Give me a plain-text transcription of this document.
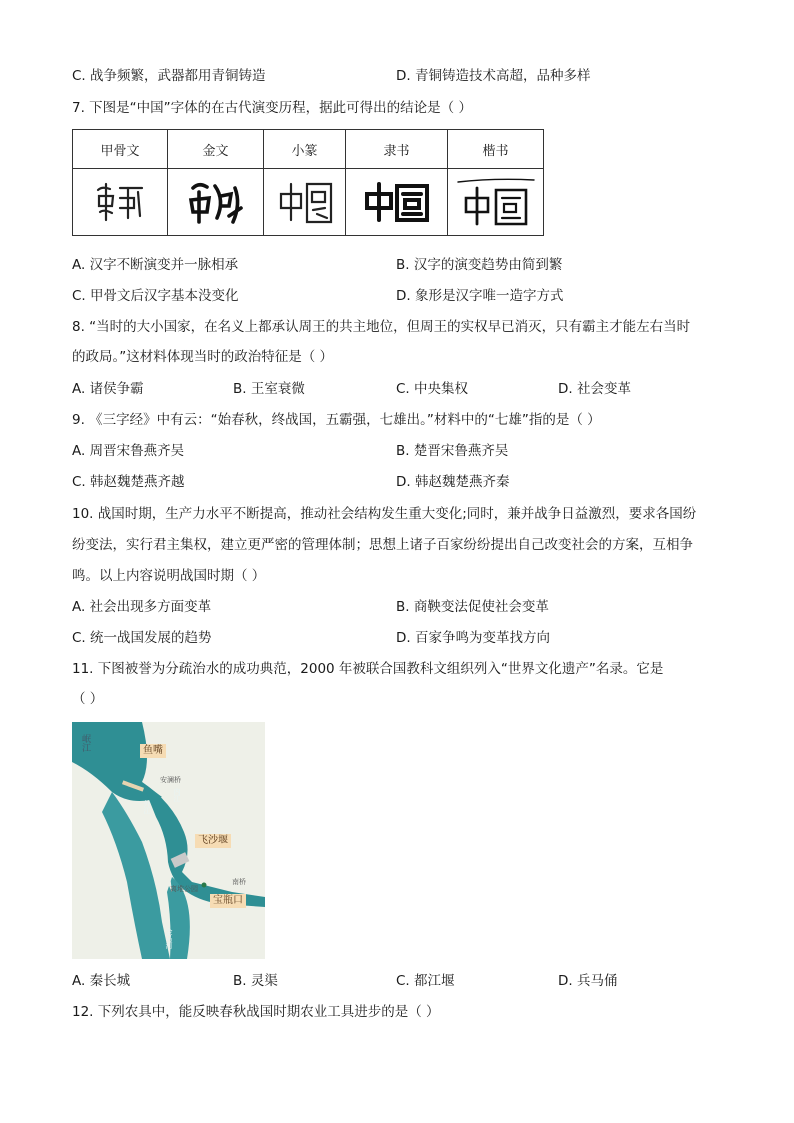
C. 战争频繁，武器都用青铜铸造	D. 青铜铸造技术高超，品种多样
7. 下图是“中国”字体的在古代演变历程，据此可得出的结论是（ ）
甲骨文	金文	小篆	隶书	楷书

A. 汉字不断演变并一脉相承	B. 汉字的演变趋势由简到繁
C. 甲骨文后汉字基本没变化	D. 象形是汉字唯一造字方式
8. “当时的大小国家，在名义上都承认周王的共主地位，但周王的实权早已消灭，只有霸主才能左右当时
的政局。”这材料体现当时的政治特征是（ ）
A. 诸侯争霸	B. 王室衰微	C. 中央集权	D. 社会变革
9. 《三字经》中有云：“始春秋，终战国，五霸强，七雄出。”材料中的“七雄”指的是（ ）
A. 周晋宋鲁燕齐吴	B. 楚晋宋鲁燕齐吴
C. 韩赵魏楚燕齐越	D. 韩赵魏楚燕齐秦
10. 战国时期，生产力水平不断提高，推动社会结构发生重大变化;同时，兼并战争日益激烈，要求各国纷
纷变法，实行君主集权，建立更严密的管理体制；思想上诸子百家纷纷提出自己改变社会的方案，互相争
鸣。以上内容说明战国时期（ ）
A. 社会出现多方面变革	B. 商鞅变法促使社会变革
C. 统一战国发展的趋势	D. 百家争鸣为变革找方向
11. 下图被誉为分疏治水的成功典范，2000 年被联合国教科文组织列入“世界文化遗产”名录。它是
（ ）
岷江	鱼嘴
安澜桥
内江
外江
飞沙堰
离堆公园
南桥
宝瓶口
金马河
A. 秦长城	B. 灵渠	C. 都江堰	D. 兵马俑
12. 下列农具中，能反映春秋战国时期农业工具进步的是（ ）
